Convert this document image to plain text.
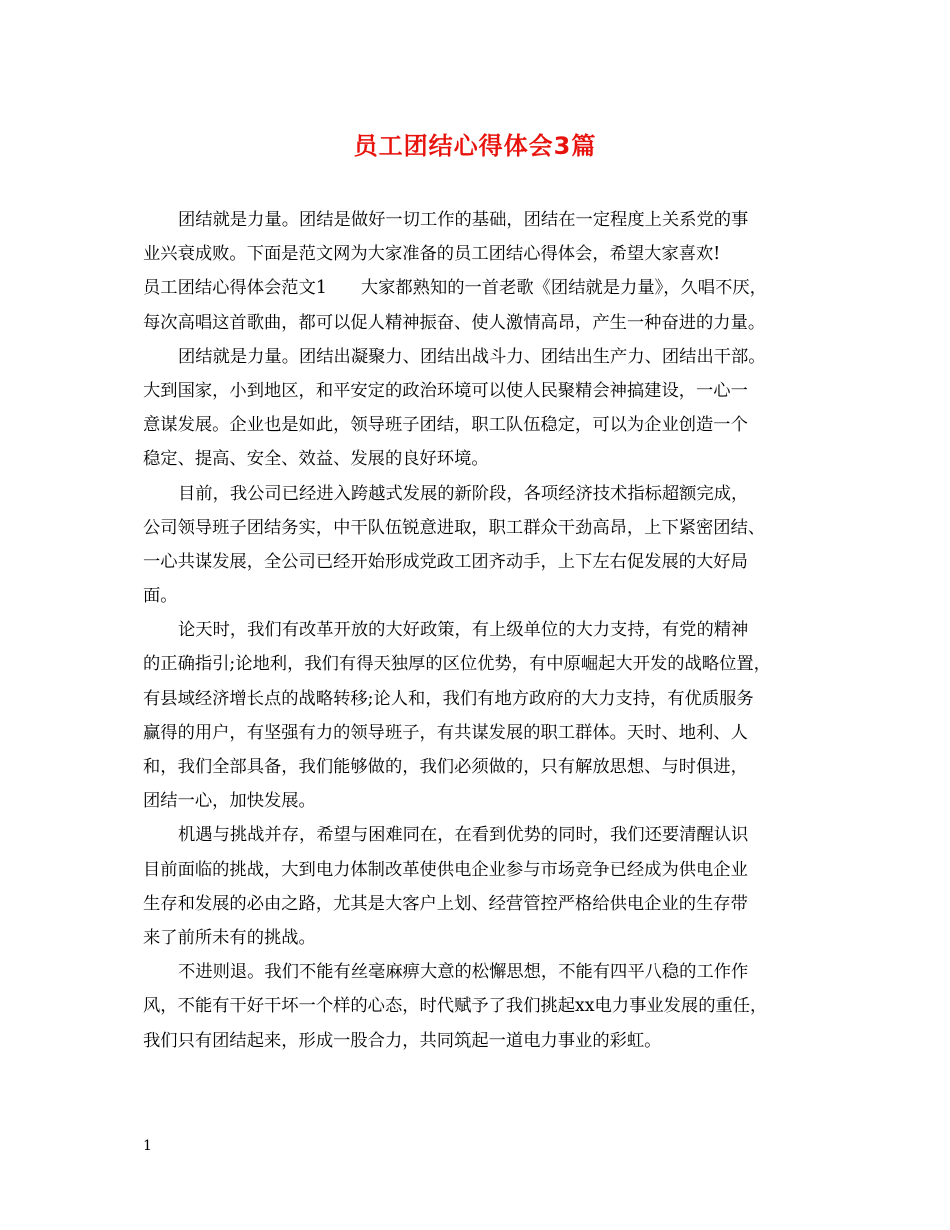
员工团结心得体会3篇
团结就是力量。团结是做好一切工作的基础，团结在一定程度上关系党的事
业兴衰成败。下面是范文网为大家准备的员工团结心得体会，希望大家喜欢!
员工团结心得体会范文1 大家都熟知的一首老歌《团结就是力量》，久唱不厌，
每次高唱这首歌曲，都可以促人精神振奋、使人激情高昂，产生一种奋进的力量。
团结就是力量。团结出凝聚力、团结出战斗力、团结出生产力、团结出干部。
大到国家，小到地区，和平安定的政治环境可以使人民聚精会神搞建设，一心一
意谋发展。企业也是如此，领导班子团结，职工队伍稳定，可以为企业创造一个
稳定、提高、安全、效益、发展的良好环境。
目前，我公司已经进入跨越式发展的新阶段，各项经济技术指标超额完成，
公司领导班子团结务实，中干队伍锐意进取，职工群众干劲高昂，上下紧密团结、
一心共谋发展，全公司已经开始形成党政工团齐动手，上下左右促发展的大好局
面。
论天时，我们有改革开放的大好政策，有上级单位的大力支持，有党的精神
的正确指引;论地利，我们有得天独厚的区位优势，有中原崛起大开发的战略位置，
有县域经济增长点的战略转移;论人和，我们有地方政府的大力支持，有优质服务
赢得的用户，有坚强有力的领导班子，有共谋发展的职工群体。天时、地利、人
和，我们全部具备，我们能够做的，我们必须做的，只有解放思想、与时俱进，
团结一心，加快发展。
机遇与挑战并存，希望与困难同在，在看到优势的同时，我们还要清醒认识
目前面临的挑战，大到电力体制改革使供电企业参与市场竞争已经成为供电企业
生存和发展的必由之路，尤其是大客户上划、经营管控严格给供电企业的生存带
来了前所未有的挑战。
不进则退。我们不能有丝毫麻痹大意的松懈思想，不能有四平八稳的工作作
风，不能有干好干坏一个样的心态，时代赋予了我们挑起xx电力事业发展的重任，
我们只有团结起来，形成一股合力，共同筑起一道电力事业的彩虹。
1
